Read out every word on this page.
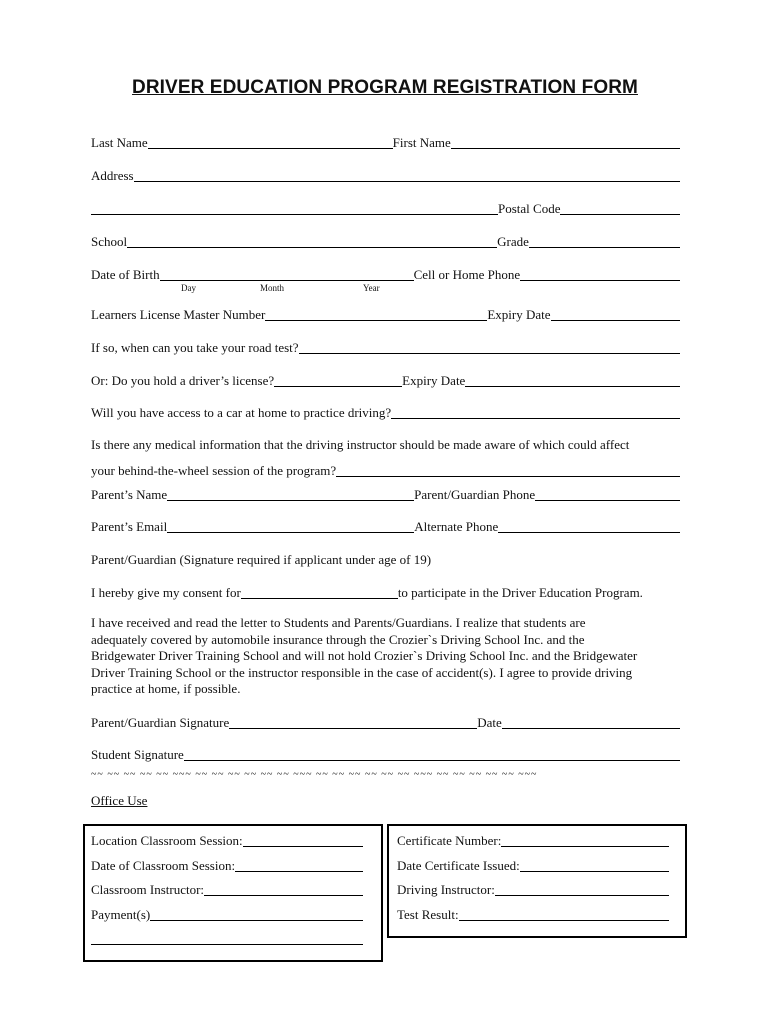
DRIVER EDUCATION PROGRAM REGISTRATION FORM
Last Name	First Name
Address
Postal Code
School	Grade
Date of Birth	Cell or Home Phone
Day	Month	Year
Learners License Master Number	Expiry Date
If so, when can you take your road test?
Or: Do you hold a driver’s license?	Expiry Date
Will you have access to a car at home to practice driving?
Is there any medical information that the driving instructor should be made aware of which could affect
your behind-the-wheel session of the program?
Parent’s Name	Parent/Guardian Phone
Parent’s Email	Alternate Phone
Parent/Guardian (Signature required if applicant under age of 19)
I hereby give my consent for	to participate in the Driver Education Program.
I have received and read the letter to Students and Parents/Guardians. I realize that students are
adequately covered by automobile insurance through the Crozier`s Driving School Inc. and the
Bridgewater Driver Training School and will not hold Crozier`s Driving School Inc. and the Bridgewater
Driver Training School or the instructor responsible in the case of accident(s). I agree to provide driving
practice at home, if possible.
Parent/Guardian Signature	Date
Student Signature
~~ ~~ ~~ ~~ ~~ ~~~ ~~ ~~ ~~ ~~ ~~ ~~ ~~~ ~~ ~~ ~~ ~~ ~~ ~~ ~~~ ~~ ~~ ~~ ~~ ~~ ~~~
Office Use
Location Classroom Session:
Date of Classroom Session:
Classroom Instructor:
Payment(s)
Certificate Number:
Date Certificate Issued:
Driving Instructor:
Test Result:
